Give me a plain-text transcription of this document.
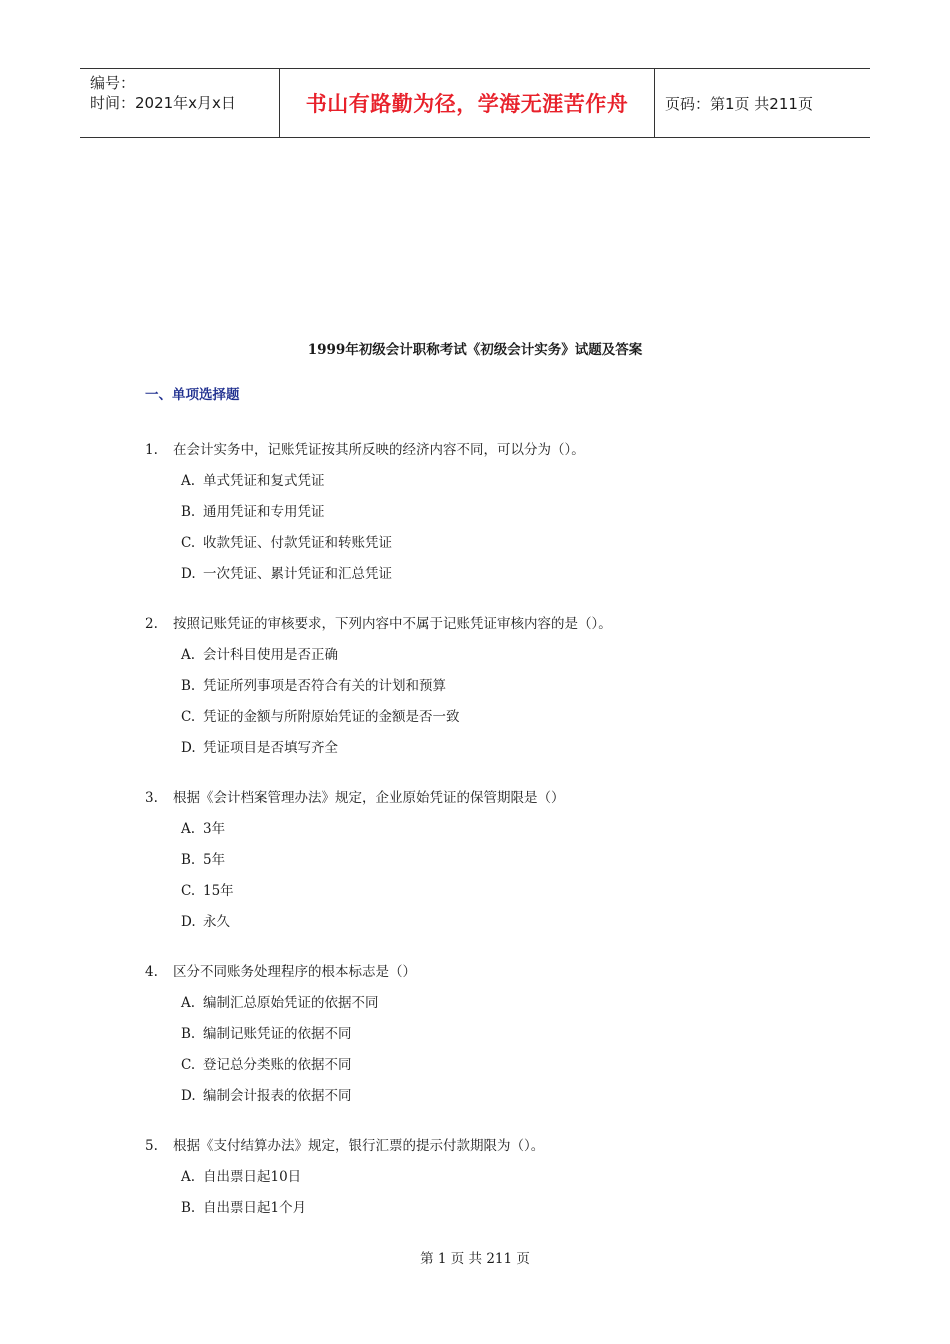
编号：
时间：2021年x月x日	书山有路勤为径，学海无涯苦作舟	页码：第1页 共211页
1999年初级会计职称考试《初级会计实务》试题及答案
一、单项选择题
1.	在会计实务中，记账凭证按其所反映的经济内容不同，可以分为（）。
A. 单式凭证和复式凭证
B. 通用凭证和专用凭证
C. 收款凭证、付款凭证和转账凭证
D. 一次凭证、累计凭证和汇总凭证
2.	按照记账凭证的审核要求，下列内容中不属于记账凭证审核内容的是（）。
A. 会计科目使用是否正确
B. 凭证所列事项是否符合有关的计划和预算
C. 凭证的金额与所附原始凭证的金额是否一致
D. 凭证项目是否填写齐全
3.	根据《会计档案管理办法》规定，企业原始凭证的保管期限是（）
A. 3年
B. 5年
C. 15年
D. 永久
4.	区分不同账务处理程序的根本标志是（）
A. 编制汇总原始凭证的依据不同
B. 编制记账凭证的依据不同
C. 登记总分类账的依据不同
D. 编制会计报表的依据不同
5.	根据《支付结算办法》规定，银行汇票的提示付款期限为（）。
A. 自出票日起10日
B. 自出票日起1个月
第 1 页 共 211 页
